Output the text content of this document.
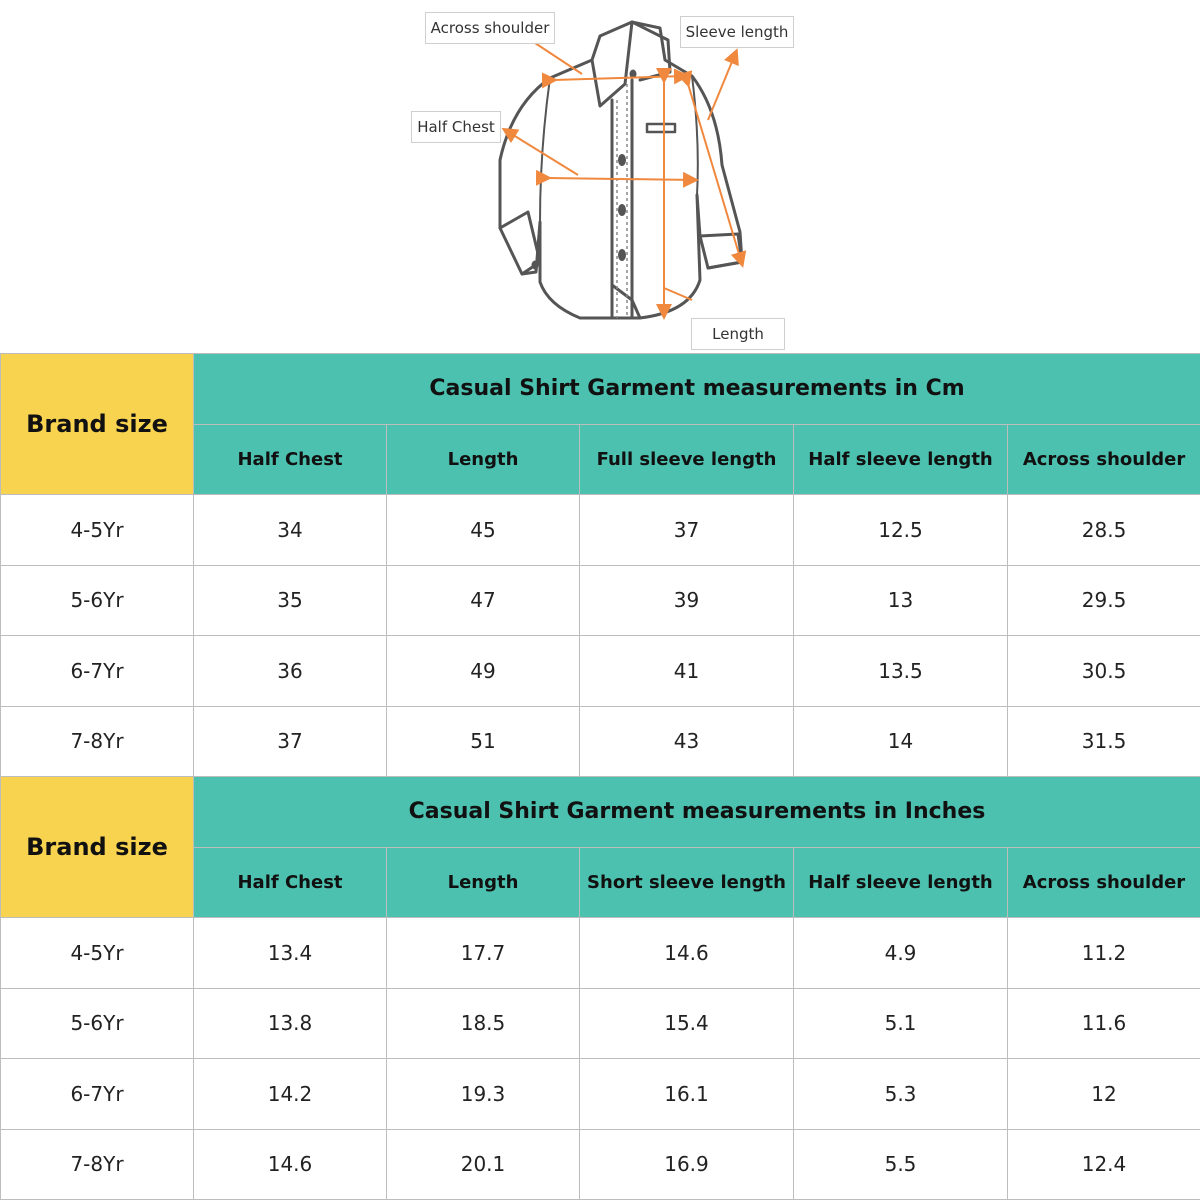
Across shoulder	Sleeve length
Half Chest
Length
Brand size	Casual Shirt Garment measurements in Cm				
	Half Chest	Length	Full sleeve length	Half sleeve length	Across shoulder
4-5Yr	34	45	37	12.5	28.5
5-6Yr	35	47	39	13	29.5
6-7Yr	36	49	41	13.5	30.5
7-8Yr	37	51	43	14	31.5
Brand size	Casual Shirt Garment measurements in Inches				
	Half Chest	Length	Short sleeve length	Half sleeve length	Across shoulder
4-5Yr	13.4	17.7	14.6	4.9	11.2
5-6Yr	13.8	18.5	15.4	5.1	11.6
6-7Yr	14.2	19.3	16.1	5.3	12
7-8Yr	14.6	20.1	16.9	5.5	12.4
